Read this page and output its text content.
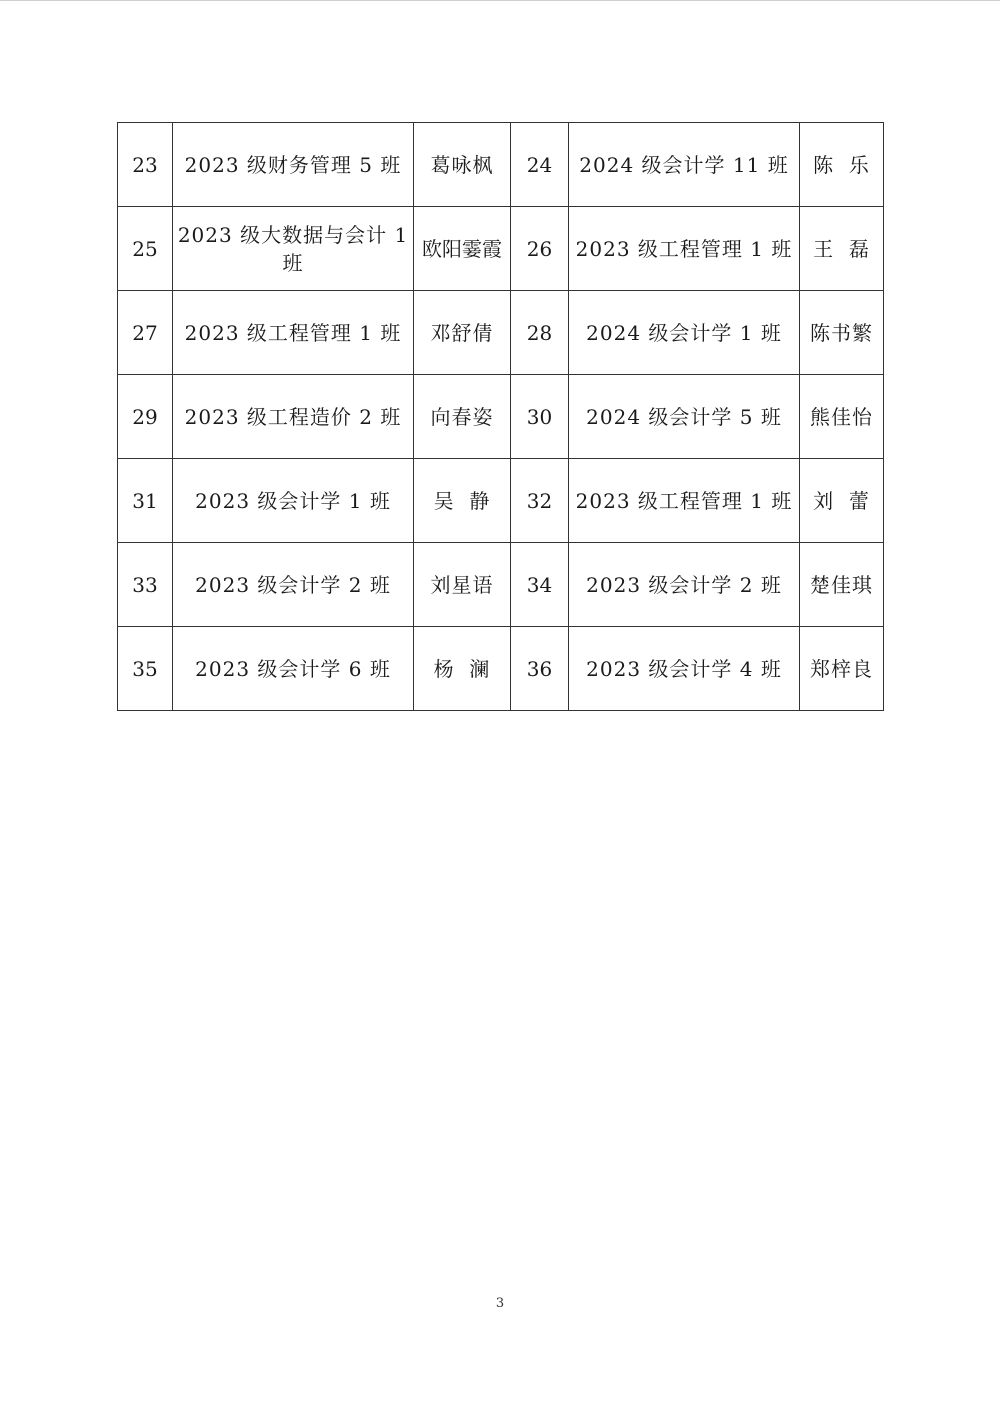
23	2023 级财务管理 5 班	葛咏枫	24	2024 级会计学 11 班	陈  乐
25	2023 级大数据与会计 1 班	欧阳霎霞	26	2023 级工程管理 1 班	王  磊
27	2023 级工程管理 1 班	邓舒倩	28	2024 级会计学 1 班	陈书繁
29	2023 级工程造价 2 班	向春姿	30	2024 级会计学 5 班	熊佳怡
31	2023 级会计学 1 班	吴  静	32	2023 级工程管理 1 班	刘  蕾
33	2023 级会计学 2 班	刘星语	34	2023 级会计学 2 班	楚佳琪
35	2023 级会计学 6 班	杨  澜	36	2023 级会计学 4 班	郑梓良
3
